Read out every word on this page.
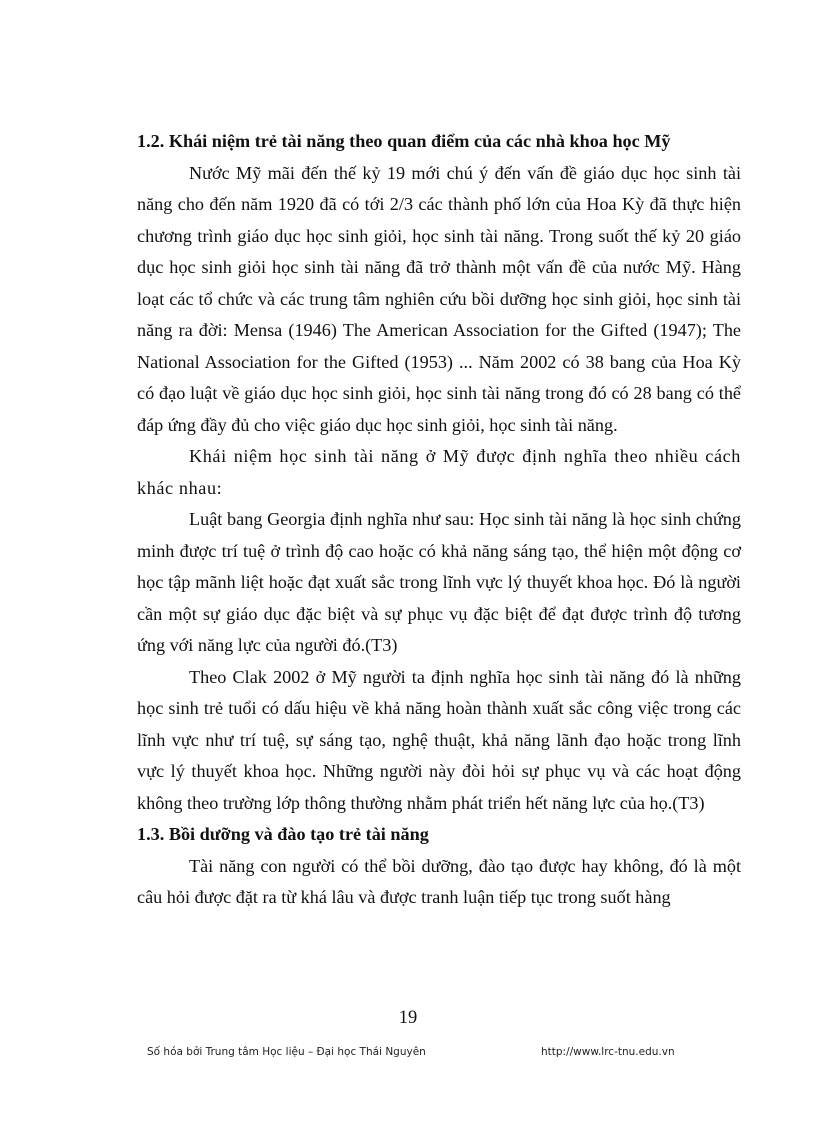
1.2. Khái niệm trẻ tài năng theo quan điểm của các nhà khoa học Mỹ

Nước Mỹ mãi đến thế kỷ 19 mới chú ý đến vấn đề giáo dục học sinh tài năng cho đến năm 1920 đã có tới 2/3 các thành phố lớn của Hoa Kỳ đã thực hiện chương trình giáo dục học sinh giỏi, học sinh tài năng. Trong suốt thế kỷ 20 giáo dục học sinh giỏi học sinh tài năng đã trở thành một vấn đề của nước Mỹ. Hàng loạt các tổ chức và các trung tâm nghiên cứu bồi dưỡng học sinh giỏi, học sinh tài năng ra đời: Mensa (1946) The American Association for the Gifted (1947); The National Association for the Gifted (1953) ... Năm 2002 có 38 bang của Hoa Kỳ có đạo luật về giáo dục học sinh giỏi, học sinh tài năng trong đó có 28 bang có thể đáp ứng đầy đủ cho việc giáo dục học sinh giỏi, học sinh tài năng.

Khái niệm học sinh tài năng ở Mỹ được định nghĩa theo nhiều cách khác nhau:

Luật bang Georgia định nghĩa như sau: Học sinh tài năng là học sinh chứng minh được trí tuệ ở trình độ cao hoặc có khả năng sáng tạo, thể hiện một động cơ học tập mãnh liệt hoặc đạt xuất sắc trong lĩnh vực lý thuyết khoa học. Đó là người cần một sự giáo dục đặc biệt và sự phục vụ đặc biệt để đạt được trình độ tương ứng với năng lực của người đó.(T3)

Theo Clak 2002 ở Mỹ người ta định nghĩa học sinh tài năng đó là những học sinh trẻ tuổi có dấu hiệu về khả năng hoàn thành xuất sắc công việc trong các lĩnh vực như trí tuệ, sự sáng tạo, nghệ thuật, khả năng lãnh đạo hoặc trong lĩnh vực lý thuyết khoa học. Những người này đòi hỏi sự phục vụ và các hoạt động không theo trường lớp thông thường nhằm phát triển hết năng lực của họ.(T3)

1.3. Bồi dưỡng và đào tạo trẻ tài năng

Tài năng con người có thể bồi dưỡng, đào tạo được hay không, đó là một câu hỏi được đặt ra từ khá lâu và được tranh luận tiếp tục trong suốt hàng

19
Số hóa bởi Trung tâm Học liệu – Đại học Thái Nguyên	http://www.lrc-tnu.edu.vn
